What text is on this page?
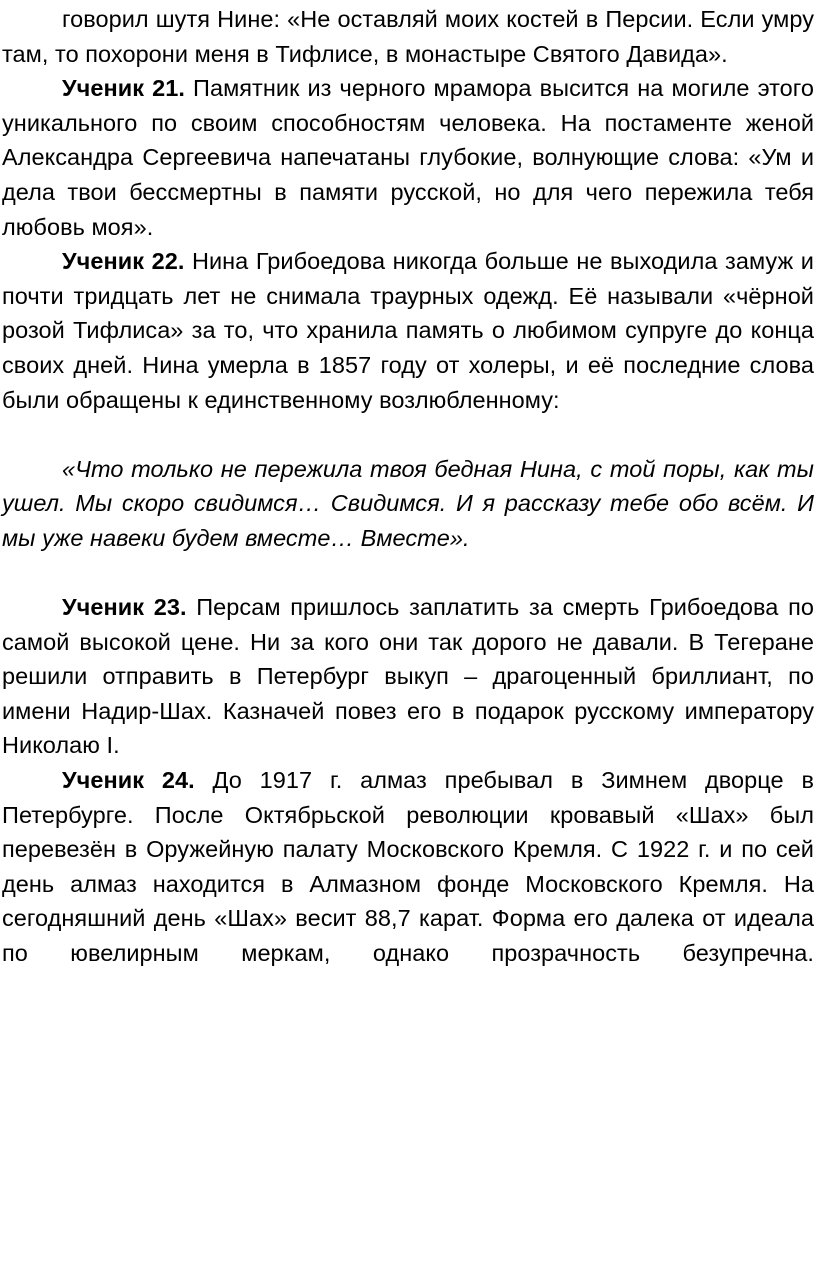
говорил шутя Нине: «Не оставляй моих костей в Персии. Если умру там, то похорони меня в Тифлисе, в монастыре Святого Давида».

Ученик 21. Памятник из черного мрамора высится на могиле этого уникального по своим способностям человека. На постаменте женой Александра Сергеевича напечатаны глубокие, волнующие слова: «Ум и дела твои бессмертны в памяти русской, но для чего пережила тебя любовь моя».

Ученик 22. Нина Грибоедова никогда больше не выходила замуж и почти тридцать лет не снимала траурных одежд. Её называли «чёрной розой Тифлиса» за то, что хранила память о любимом супруге до конца своих дней. Нина умерла в 1857 году от холеры, и её последние слова были обращены к единственному возлюбленному:

«Что только не пережила твоя бедная Нина, с той поры, как ты ушел. Мы скоро свидимся… Свидимся. И я рассказу тебе обо всём. И мы уже навеки будем вместе… Вместе».

Ученик 23. Персам пришлось заплатить за смерть Грибоедова по самой высокой цене. Ни за кого они так дорого не давали. В Тегеране решили отправить в Петербург выкуп – драгоценный бриллиант, по имени Надир-Шах. Казначей повез его в подарок русскому императору Николаю I.

Ученик 24. До 1917 г. алмаз пребывал в Зимнем дворце в Петербурге. После Октябрьской революции кровавый «Шах» был перевезён в Оружейную палату Московского Кремля. С 1922 г. и по сей день алмаз находится в Алмазном фонде Московского Кремля. На сегодняшний день «Шах» весит 88,7 карат. Форма его далека от идеала по ювелирным меркам, однако прозрачность безупречна.
